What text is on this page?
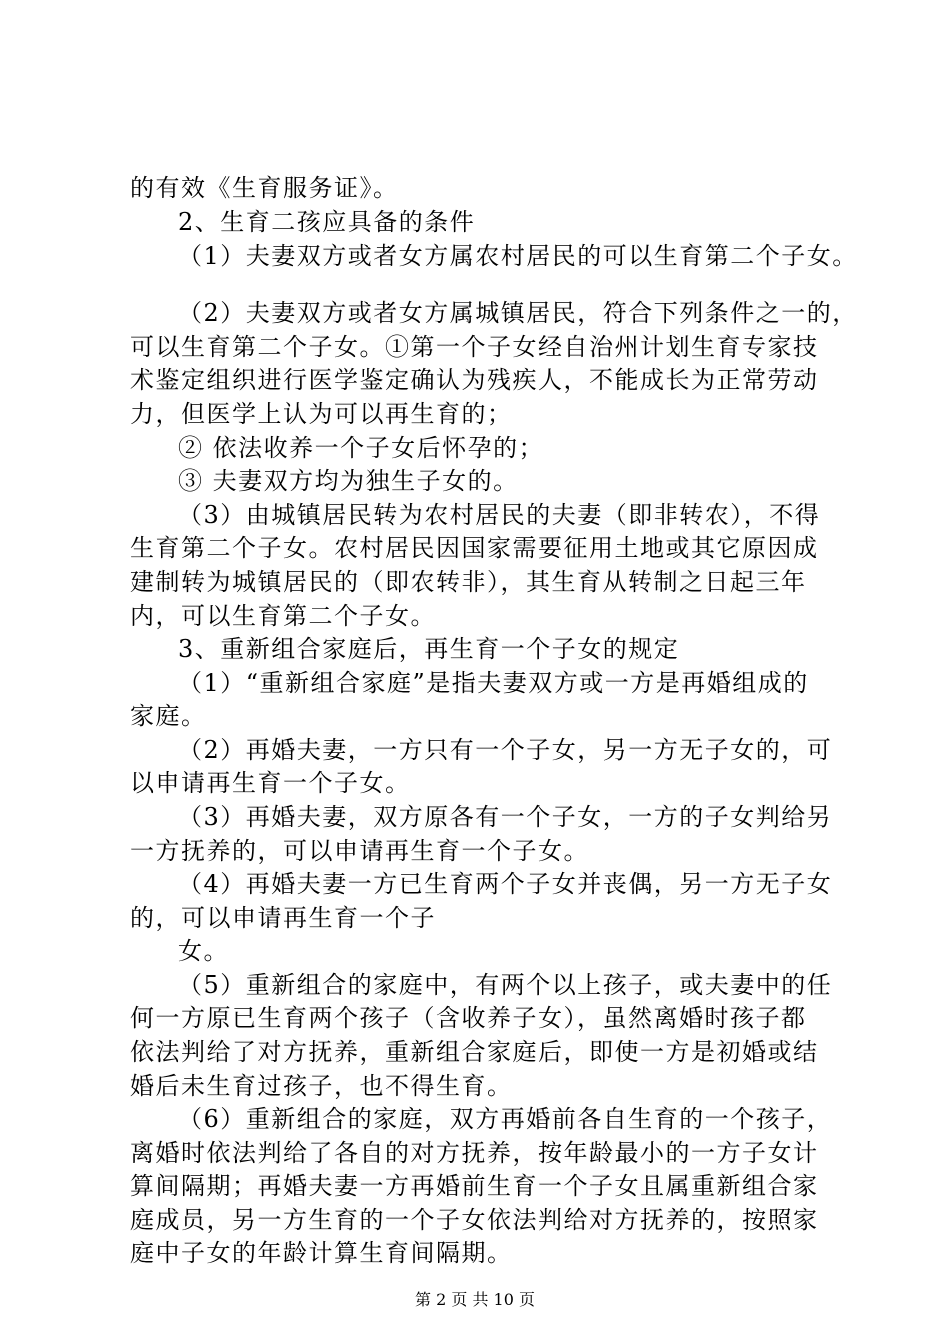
的有效《生育服务证》。
2、生育二孩应具备的条件
（1）夫妻双方或者女方属农村居民的可以生育第二个子女。
（2）夫妻双方或者女方属城镇居民，符合下列条件之一的，
可以生育第二个子女。①第一个子女经自治州计划生育专家技
术鉴定组织进行医学鉴定确认为残疾人，不能成长为正常劳动
力，但医学上认为可以再生育的；
② 依法收养一个子女后怀孕的；
③ 夫妻双方均为独生子女的。
（3）由城镇居民转为农村居民的夫妻（即非转农），不得
生育第二个子女。农村居民因国家需要征用土地或其它原因成
建制转为城镇居民的（即农转非），其生育从转制之日起三年
内，可以生育第二个子女。
3、重新组合家庭后，再生育一个子女的规定
（1）“重新组合家庭”是指夫妻双方或一方是再婚组成的
家庭。
（2）再婚夫妻，一方只有一个子女，另一方无子女的，可
以申请再生育一个子女。
（3）再婚夫妻，双方原各有一个子女，一方的子女判给另
一方抚养的，可以申请再生育一个子女。
（4）再婚夫妻一方已生育两个子女并丧偶，另一方无子女
的，可以申请再生育一个子
女。
（5）重新组合的家庭中，有两个以上孩子，或夫妻中的任
何一方原已生育两个孩子（含收养子女），虽然离婚时孩子都
依法判给了对方抚养，重新组合家庭后，即使一方是初婚或结
婚后未生育过孩子，也不得生育。
（6）重新组合的家庭，双方再婚前各自生育的一个孩子，
离婚时依法判给了各自的对方抚养，按年龄最小的一方子女计
算间隔期；再婚夫妻一方再婚前生育一个子女且属重新组合家
庭成员，另一方生育的一个子女依法判给对方抚养的，按照家
庭中子女的年龄计算生育间隔期。
第 2 页 共 10 页
